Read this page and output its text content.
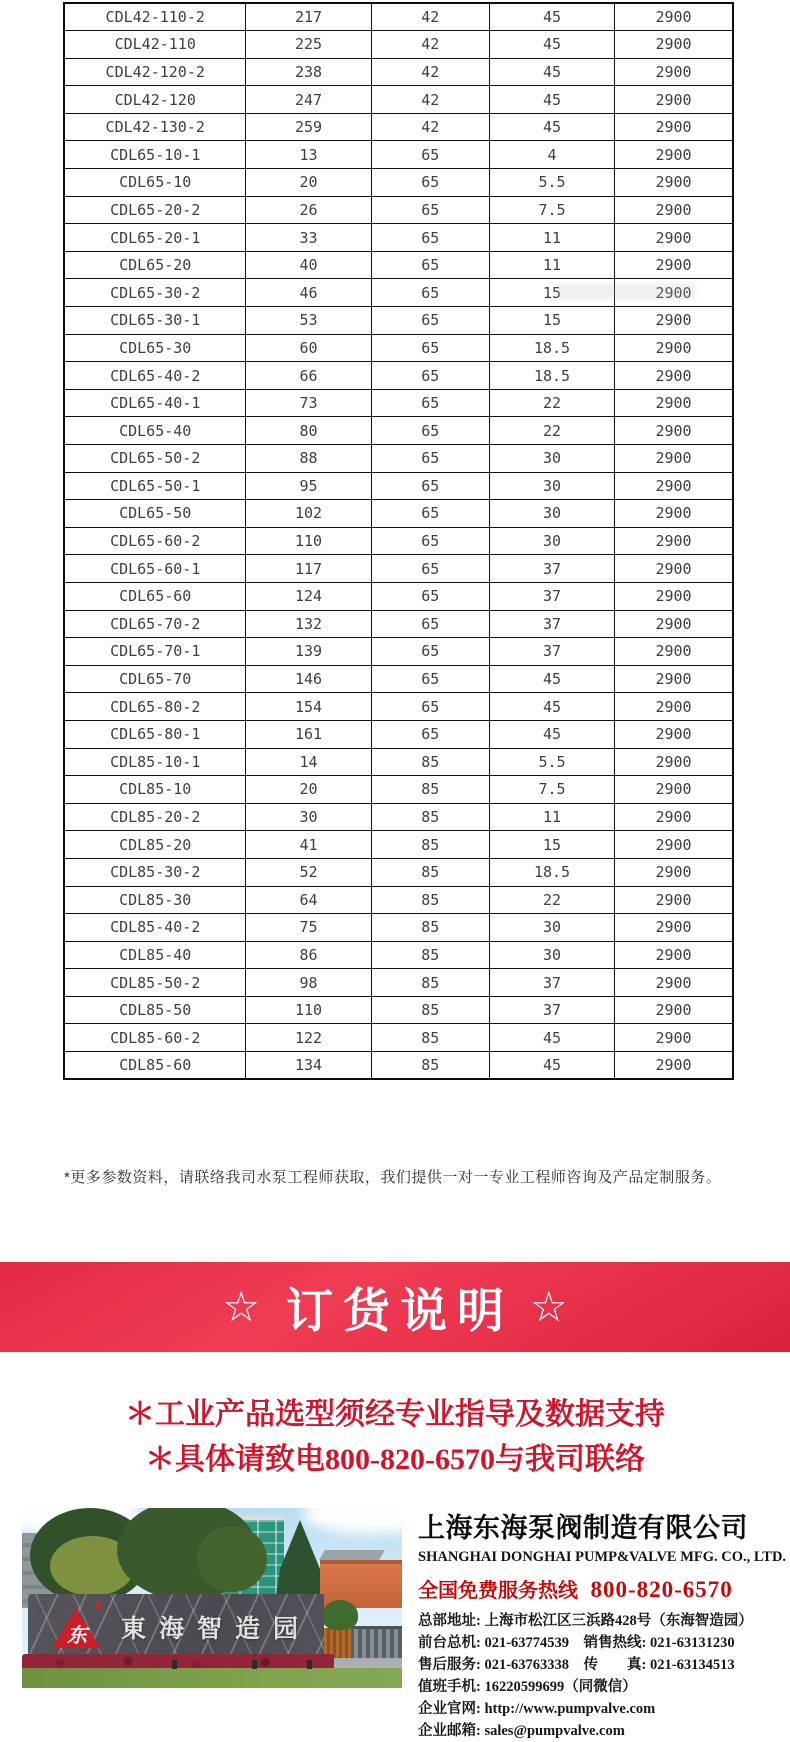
CDL42-110-2	217	42	45	2900
CDL42-110	225	42	45	2900
CDL42-120-2	238	42	45	2900
CDL42-120	247	42	45	2900
CDL42-130-2	259	42	45	2900
CDL65-10-1	13	65	4	2900
CDL65-10	20	65	5.5	2900
CDL65-20-2	26	65	7.5	2900
CDL65-20-1	33	65	11	2900
CDL65-20	40	65	11	2900
CDL65-30-2	46	65	15	2900
CDL65-30-1	53	65	15	2900
CDL65-30	60	65	18.5	2900
CDL65-40-2	66	65	18.5	2900
CDL65-40-1	73	65	22	2900
CDL65-40	80	65	22	2900
CDL65-50-2	88	65	30	2900
CDL65-50-1	95	65	30	2900
CDL65-50	102	65	30	2900
CDL65-60-2	110	65	30	2900
CDL65-60-1	117	65	37	2900
CDL65-60	124	65	37	2900
CDL65-70-2	132	65	37	2900
CDL65-70-1	139	65	37	2900
CDL65-70	146	65	45	2900
CDL65-80-2	154	65	45	2900
CDL65-80-1	161	65	45	2900
CDL85-10-1	14	85	5.5	2900
CDL85-10	20	85	7.5	2900
CDL85-20-2	30	85	11	2900
CDL85-20	41	85	15	2900
CDL85-30-2	52	85	18.5	2900
CDL85-30	64	85	22	2900
CDL85-40-2	75	85	30	2900
CDL85-40	86	85	30	2900
CDL85-50-2	98	85	37	2900
CDL85-50	110	85	37	2900
CDL85-60-2	122	85	45	2900
CDL85-60	134	85	45	2900

*更多参数资料，请联络我司水泵工程师获取，我们提供一对一专业工程师咨询及产品定制服务。

☆ 订货说明 ☆
＊工业产品选型须经专业指导及数据支持
＊具体请致电800-820-6570与我司联络
东	東海智造园
上海东海泵阀制造有限公司
SHANGHAI DONGHAI PUMP&VALVE MFG. CO., LTD.
全国免费服务热线 800-820-6570
总部地址: 上海市松江区三浜路428号（东海智造园）
前台总机: 021-63774539　销售热线: 021-63131230
售后服务: 021-63763338　传　　真: 021-63134513
值班手机: 16220599699（同微信）
企业官网: http://www.pumpvalve.com
企业邮箱: sales@pumpvalve.com
